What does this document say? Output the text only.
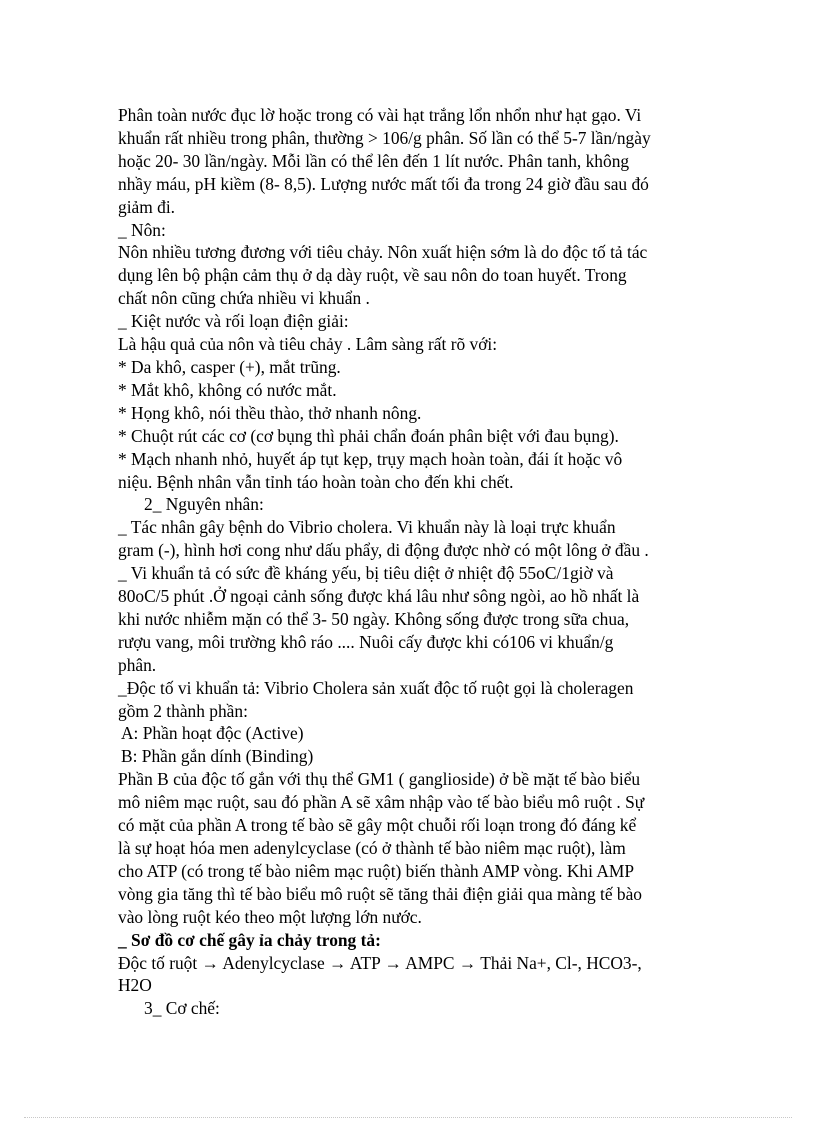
Phân toàn nước đục lờ hoặc trong có vài hạt trắng lổn nhổn như hạt gạo. Vi
khuẩn rất nhiều trong phân, thường > 106/g phân. Số lần có thể 5-7 lần/ngày
hoặc 20- 30 lần/ngày. Mỗi lần có thể lên đến 1 lít nước. Phân tanh, không
nhầy máu, pH kiềm (8- 8,5). Lượng nước mất tối đa trong 24 giờ đầu sau đó
giảm đi.
_ Nôn:
Nôn nhiều tương đương với tiêu chảy. Nôn xuất hiện sớm là do độc tố tả tác
dụng lên bộ phận cảm thụ ở dạ dày ruột, về sau nôn do toan huyết. Trong
chất nôn cũng chứa nhiều vi khuẩn .
_ Kiệt nước và rối loạn điện giải:
Là hậu quả của nôn và tiêu chảy . Lâm sàng rất rõ với:
* Da khô, casper (+), mắt trũng.
* Mắt khô, không có nước mắt.
* Họng khô, nói thều thào, thở nhanh nông.
* Chuột rút các cơ (cơ bụng thì phải chẩn đoán phân biệt với đau bụng).
* Mạch nhanh nhỏ, huyết áp tụt kẹp, trụy mạch hoàn toàn, đái ít hoặc vô
niệu. Bệnh nhân vẫn tỉnh táo hoàn toàn cho đến khi chết.
2_ Nguyên nhân:
_ Tác nhân gây bệnh do Vibrio cholera. Vi khuẩn này là loại trực khuẩn
gram (-), hình hơi cong như dấu phẩy, di động được nhờ có một lông ở đầu .
_ Vi khuẩn tả có sức đề kháng yếu, bị tiêu diệt ở nhiệt độ 55oC/1giờ và
80oC/5 phút .Ở ngoại cảnh sống được khá lâu như sông ngòi, ao hồ nhất là
khi nước nhiễm mặn có thể 3- 50 ngày. Không sống được trong sữa chua,
rượu vang, môi trường khô ráo .... Nuôi cấy được khi có106 vi khuẩn/g
phân.
_Độc tố vi khuẩn tả: Vibrio Cholera sản xuất độc tố ruột gọi là choleragen
gồm 2 thành phần:
A: Phần hoạt độc (Active)
B: Phần gắn dính (Binding)
Phần B của độc tố gắn với thụ thể GM1 ( ganglioside) ở bề mặt tế bào biểu
mô niêm mạc ruột, sau đó phần A sẽ xâm nhập vào tế bào biểu mô ruột . Sự
có mặt của phần A trong tế bào sẽ gây một chuỗi rối loạn trong đó đáng kể
là sự hoạt hóa men adenylcyclase (có ở thành tế bào niêm mạc ruột), làm
cho ATP (có trong tế bào niêm mạc ruột) biến thành AMP vòng. Khi AMP
vòng gia tăng thì tế bào biểu mô ruột sẽ tăng thải điện giải qua màng tế bào
vào lòng ruột kéo theo một lượng lớn nước.
_ Sơ đồ cơ chế gây ỉa chảy trong tả:
Độc tố ruột → Adenylcyclase → ATP → AMPC → Thải Na+, Cl-, HCO3-,
H2O
3_ Cơ chế:
